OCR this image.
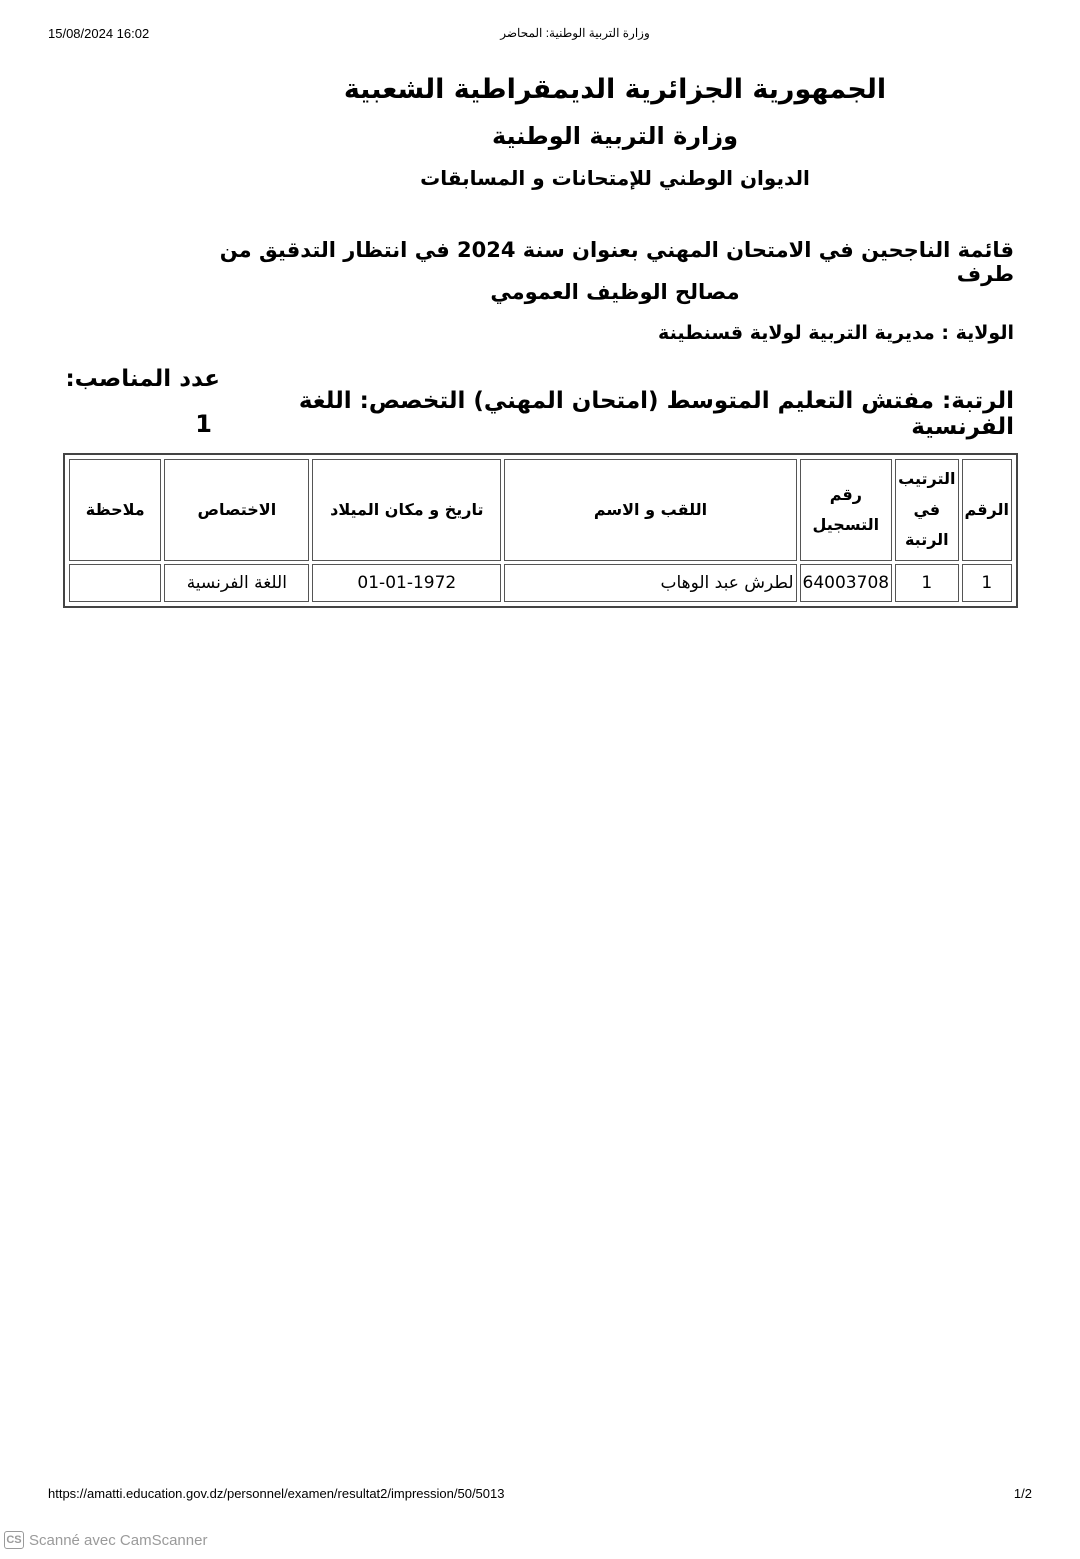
15/08/2024 16:02	وزارة التربية الوطنية: المحاضر
الجمهورية الجزائرية الديمقراطية الشعبية
وزارة التربية الوطنية
الديوان الوطني للإمتحانات و المسابقات
قائمة الناجحين في الامتحان المهني بعنوان سنة 2024 في انتظار التدقيق من طرف
مصالح الوظيف العمومي
الولاية : مديرية التربية لولاية قسنطينة
الرتبة: مفتش التعليم المتوسط (امتحان المهني) التخصص: اللغة الفرنسية
عدد المناصب:
1
الرقم	الترتيب في الرتبة	رقم التسجيل	اللقب و الاسم	تاريخ و مكان الميلاد	الاختصاص	ملاحظة
1	1	64003708	لطرش عبد الوهاب	01-01-1972	اللغة الفرنسية	
https://amatti.education.gov.dz/personnel/examen/resultat2/impression/50/5013	1/2
CS Scanné avec CamScanner
